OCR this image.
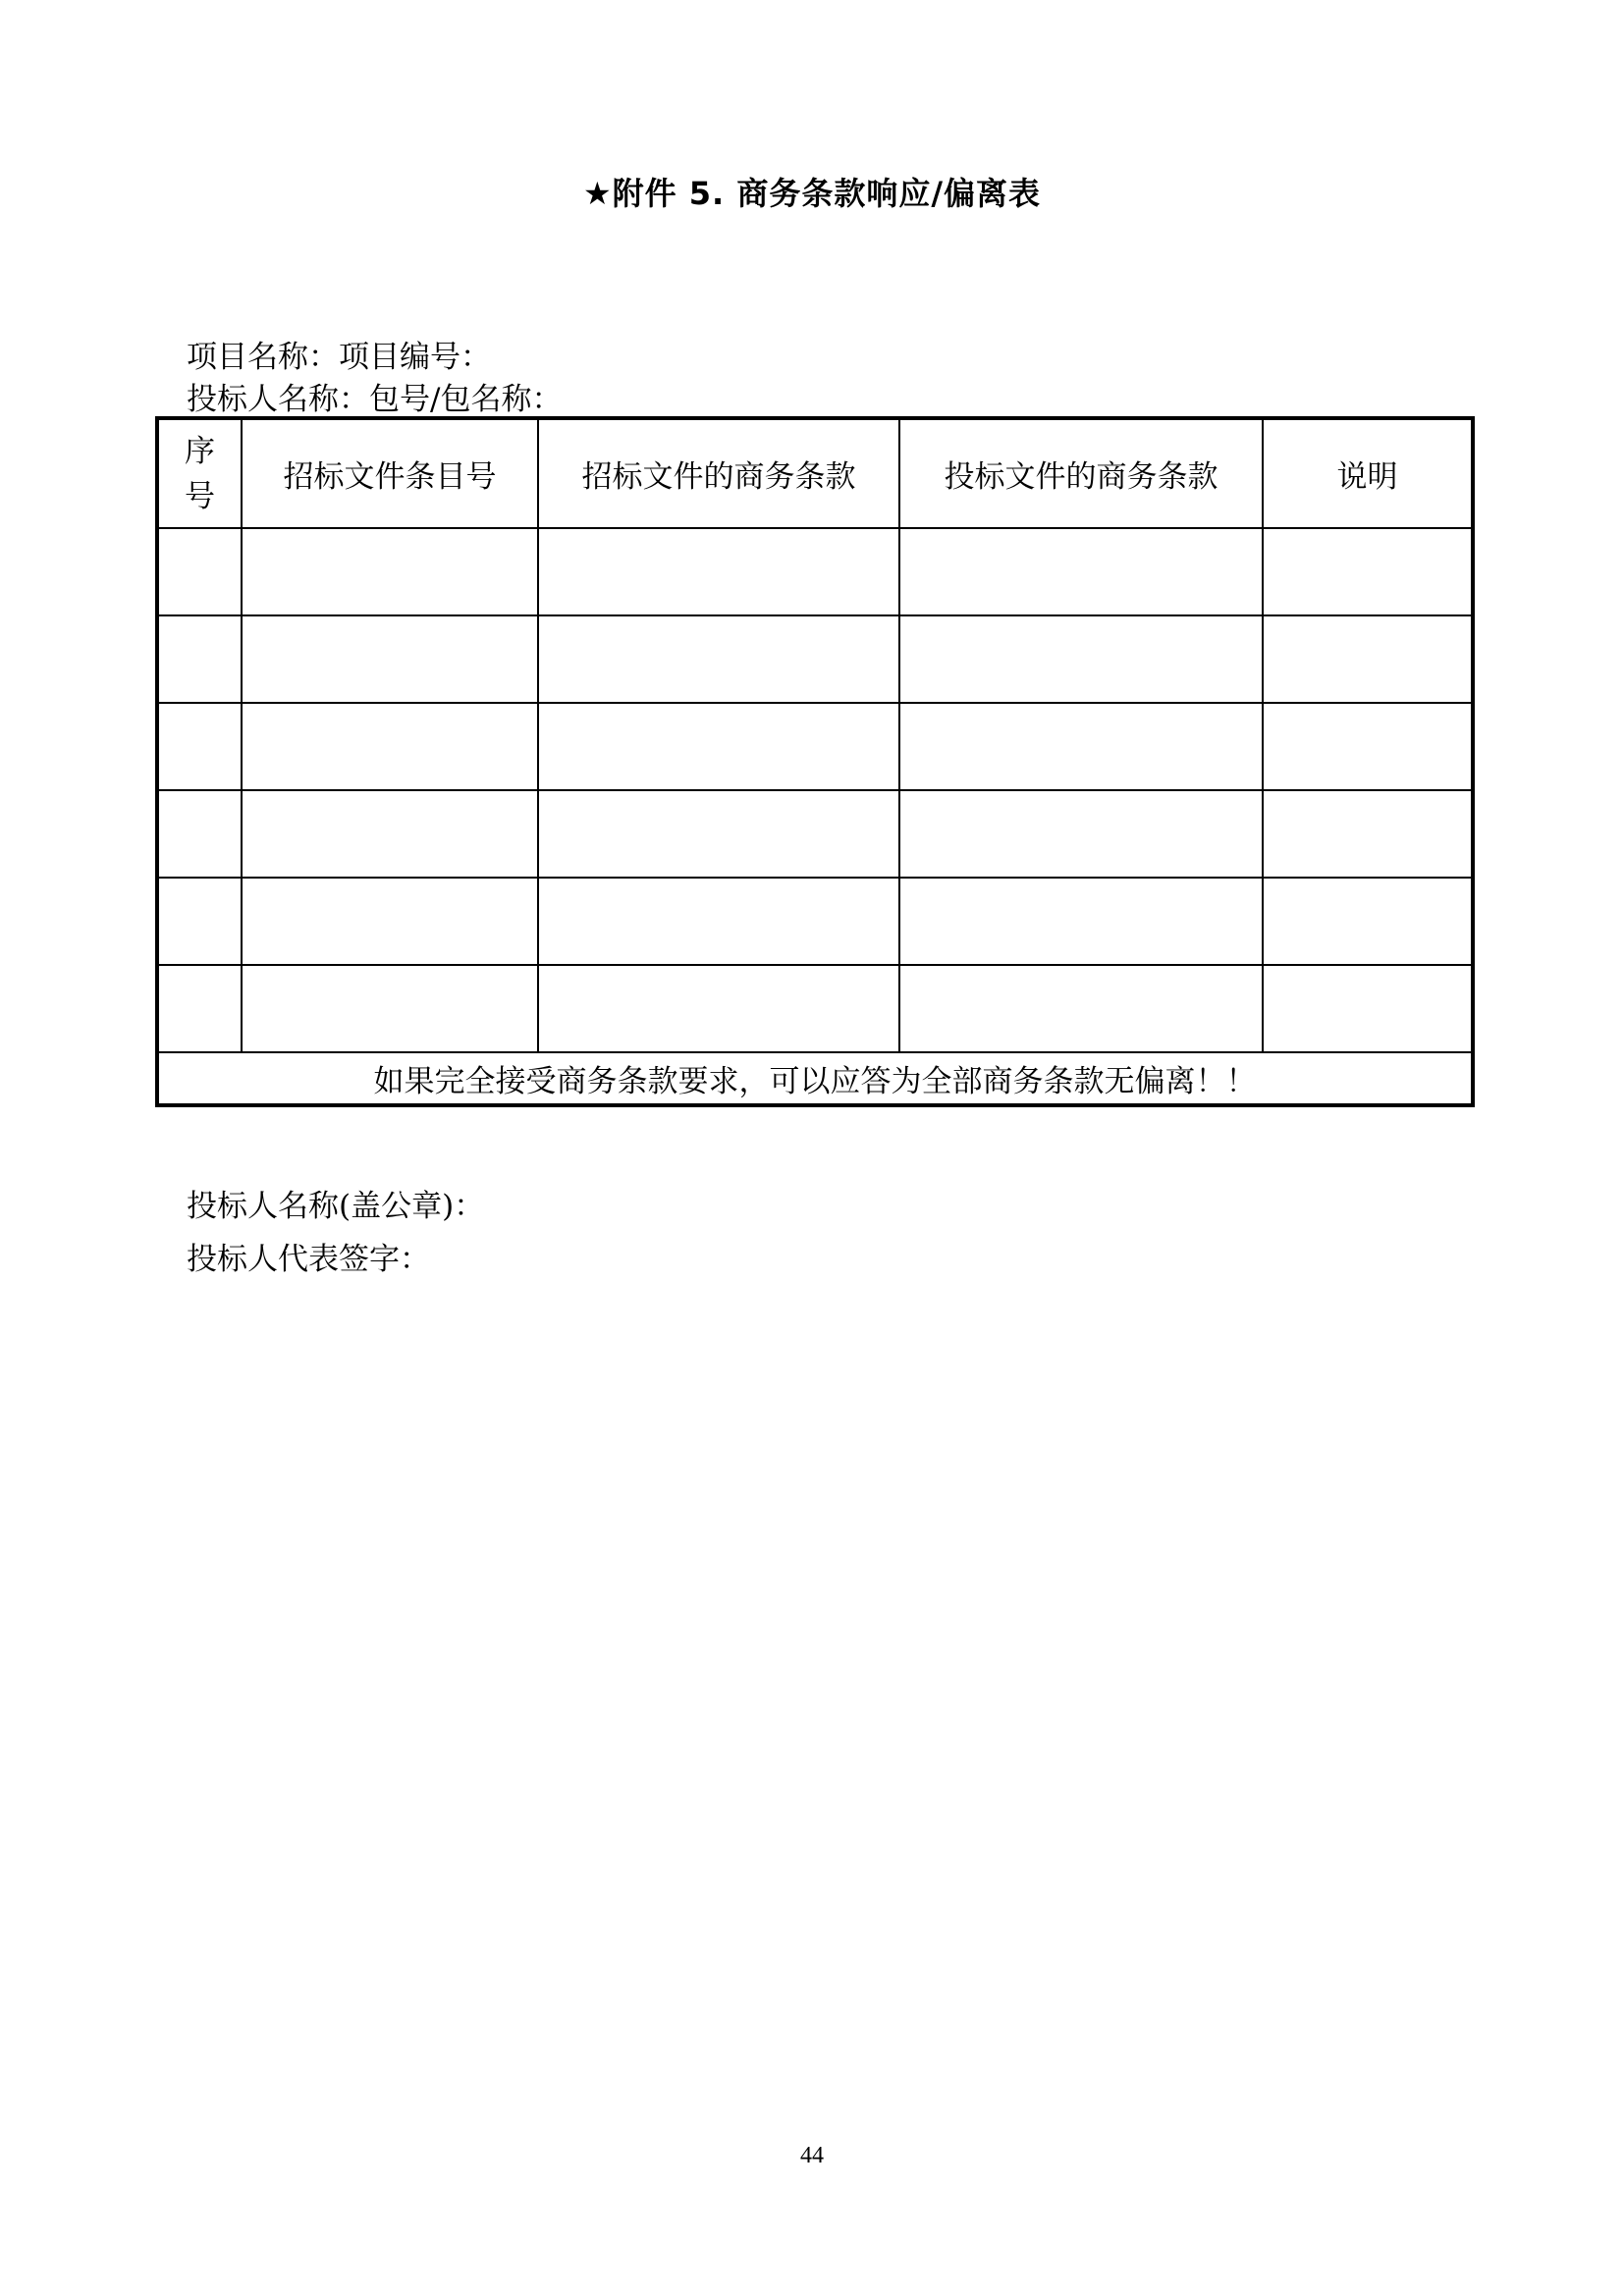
★附件 5. 商务条款响应/偏离表
项目名称：项目编号：
投标人名称：包号/包名称：
序号	招标文件条目号	招标文件的商务条款	投标文件的商务条款	说明

如果完全接受商务条款要求，可以应答为全部商务条款无偏离！！				
投标人名称(盖公章)：
投标人代表签字：
44
